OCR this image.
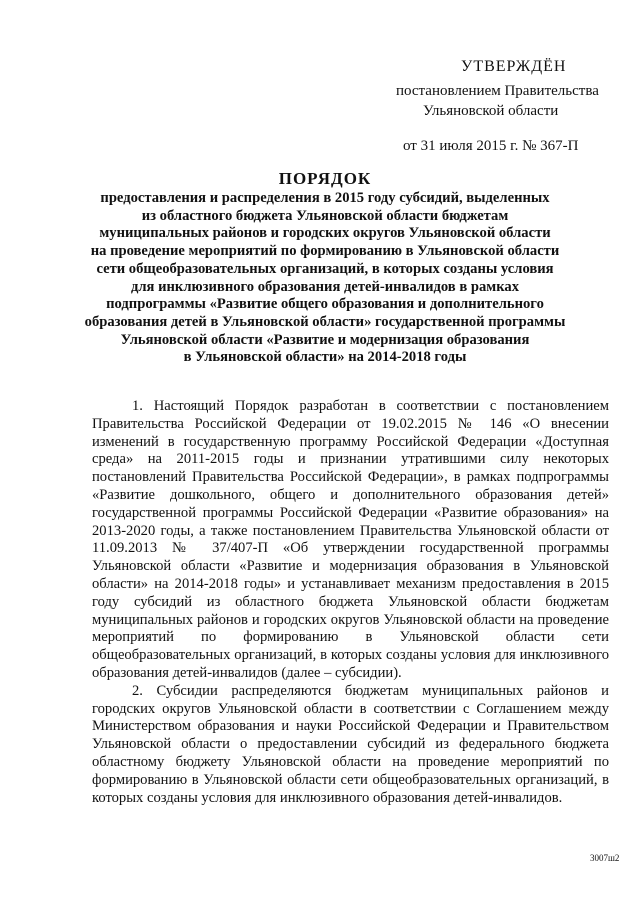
УТВЕРЖДЁН
постановлением Правительства
Ульяновской области
от 31 июля 2015 г. № 367-П
ПОРЯДОК
предоставления и распределения в 2015 году субсидий, выделенных
из областного бюджета Ульяновской области бюджетам
муниципальных районов и городских округов Ульяновской области
на проведение мероприятий по формированию в Ульяновской области
сети общеобразовательных организаций, в которых созданы условия
для инклюзивного образования детей-инвалидов в рамках
подпрограммы «Развитие общего образования и дополнительного
образования детей в Ульяновской области» государственной программы
Ульяновской области «Развитие и модернизация образования
в Ульяновской области» на 2014-2018 годы

1. Настоящий Порядок разработан в соответствии с постановлением Правительства Российской Федерации от 19.02.2015 № 146 «О внесении изменений в государственную программу Российской Федерации «Доступная среда» на 2011-2015 годы и признании утратившими силу некоторых постановлений Правительства Российской Федерации», в рамках подпрограммы «Развитие дошкольного, общего и дополнительного образования детей» государственной программы Российской Федерации «Развитие образования» на 2013-2020 годы, а также постановлением Правительства Ульяновской области от 11.09.2013 № 37/407-П «Об утверждении государственной программы Ульяновской области «Развитие и модернизация образования в Ульяновской области» на 2014-2018 годы» и устанавливает механизм предоставления в 2015 году субсидий из областного бюджета Ульяновской области бюджетам муниципальных районов и городских округов Ульяновской области на проведение мероприятий по формированию в Ульяновской области сети общеобразовательных организаций, в которых созданы условия для инклюзивного образования детей-инвалидов (далее – субсидии).

2. Субсидии распределяются бюджетам муниципальных районов и городских округов Ульяновской области в соответствии с Соглашением между Министерством образования и науки Российской Федерации и Правительством Ульяновской области о предоставлении субсидий из федерального бюджета областному бюджету Ульяновской области на проведение мероприятий по формированию в Ульяновской области сети общеобразовательных организаций, в которых созданы условия для инклюзивного образования детей-инвалидов.

3007ш2
